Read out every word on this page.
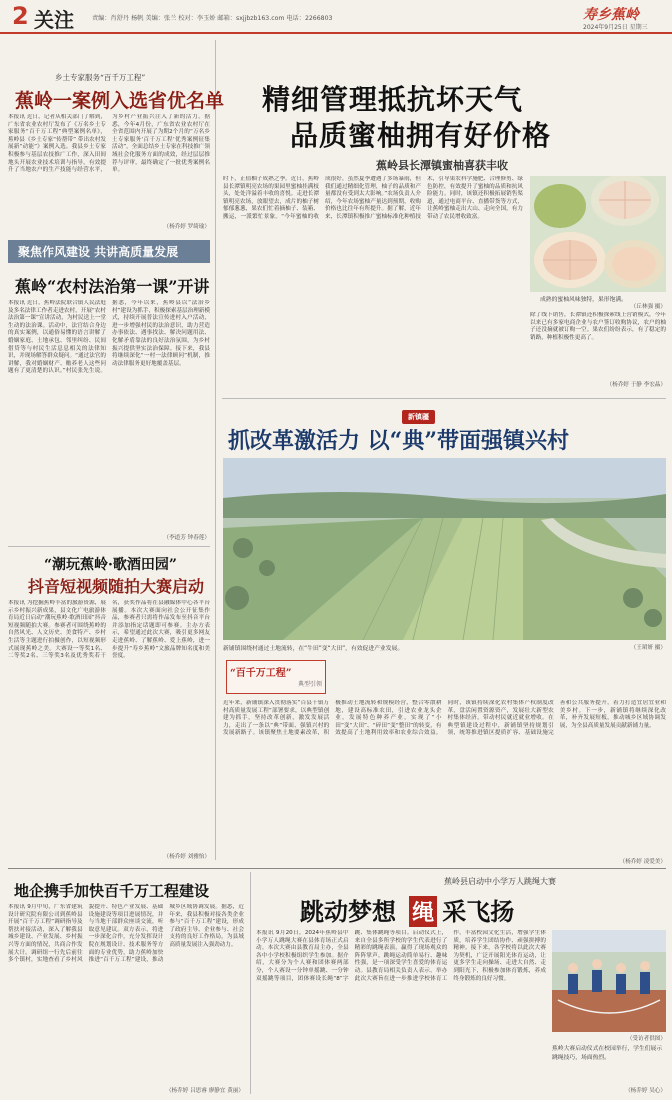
2 关注	责编：肖舒丹 杨帆 美编：张兰 校对：李玉娇 邮箱：sxjjbzb163.com 电话：2266803	寿乡蕉岭
2024年9月25日 星期三
乡土专家服务“百千万工程”
蕉岭一案例入选省优名单
本报讯 近日，记者从相关部门了解到，广东省农业农村厅发布了《万名乡土专家服务“百千万工程”典型案例名单》，蕉岭县《乡土专家“传帮带” 带出农村发展新“动能”》案例入选。我县乡土专家积极参与基层农技推广工作，深入田间地头开展农业技术培训与指导，有效提升了当地农户的生产技能与经营水平，为乡村产业振兴注入了新的活力。据悉，今年4月份，广东省农业农村厅在全省范围内开展了为期2个月的“万名乡土专家服务‘百千万工程’优秀案例征集活动”，全面总结乡土专家在科技推广领域社会化服务方面的成效，经过层层推荐与评审，最终确定了一批优秀案例名单。
（杨乔婷 罗绮瑜）
聚焦作风建设 共讲高质量发展
蕉岭“农村法治第一课”开讲
本报讯 近日，蕉岭法院联合镇人民法庭及多名法律工作者走进农村，开展“农村法治第一课”宣讲活动，为村民送上一堂生动的法治课。活动中，法官结合身边的真实案例，以通俗易懂的语言讲解了婚姻家庭、土地承包、邻里纠纷、民间借贷等与村民生活息息相关的法律知识，并现场解答群众疑问。“通过法官的讲解，我对婚姻财产、赡养老人这些问题有了更清楚的认识。”村民张先生说。据悉，今年以来，蕉岭县以“法治乡村”建设为抓手，积极探索基层治理新模式，持续开展普法宣传进村入户活动，进一步增强村民的法治意识，助力营造办事依法、遇事找法、解决问题用法、化解矛盾靠法的良好法治氛围，为乡村振兴提供坚实法治保障。接下来，我县将继续深化“一村一法律顾问”机制，推动法律服务更好地覆盖基层。
（李道芳 钟春莲）
“潮玩蕉岭·歌酒田园”
抖音短视频随拍大赛启动
本报讯 为挖掘蕉岭丰富的旅游资源，展示乡村振兴新成果，县文化广电旅游体育局近日启动“潮玩蕉岭·歌酒田园”抖音短视频随拍大赛。参赛者可围绕蕉岭的自然风光、人文历史、美食特产、乡村生活等主题进行拍摄创作，以短视频形式展现蕉岭之美。大赛设一等奖1名、二等奖2名、三等奖3名及优秀奖若干名，获奖作品将在县融媒体中心各平台展播。本次大赛面向社会公开征集作品，参赛者只需将作品发布至抖音平台并添加指定话题即可参赛。主办方表示，希望通过此次大赛，吸引更多网友走进蕉岭、了解蕉岭、爱上蕉岭，进一步提升“寿乡蕉岭”文旅品牌知名度和美誉度。
（杨乔婷 刘雅怡）
精细管理抵抗坏天气
品质蜜柚拥有好价格
蕉岭县长潭镇蜜柚喜获丰收
时下，正值柚子成熟之季。近日，蕉岭县长潭镇明亮农场的果园里蜜柚挂满枝头，处处洋溢着丰收的喜悦。走进长潭镇明亮农场，放眼望去，成片的柚子树郁郁葱葱，果农们忙着摘柚子、装箱、搬运，一派繁忙景象。“今年蜜柚的收成很好，虽然夏季遭遇了多场暴雨，但我们通过精细化管理，柚子的品质和产量都没有受到太大影响。”农场负责人介绍，今年农场蜜柚产量达到预期，收购价格也比往年有所提升。据了解，近年来，长潭镇积极推广蜜柚标准化种植技术，引导果农科学施肥、合理修剪、绿色防控，有效提升了蜜柚的品质和抗风险能力。同时，该镇还积极拓展销售渠道，通过电商平台、直播带货等方式，让蕉岭蜜柚走出大山、走向全国，有力带动了农民增收致富。
成熟的蜜柚风味独特，果形饱满。
（丘林强 摄）
除了线下销售，长潭镇还积极探索线上营销模式，今年以来已有多家电商企业与农户签订收购协议，农户的柚子还没摘就被订购一空。果农们纷纷表示，有了稳定的销路，种植积极性更高了。
（杨乔婷 于静 李宏晶）
新镇疆
抓改革激活力 以“典”带面强镇兴村
新铺镇围绕村通过土地流转，在“牛田”变“大田”，有效促进产业发展。	（王珺妍 摄）
“百千万工程”
典型引领
近年来，新铺镇深入贯彻落实“百县千镇万村高质量发展工程”部署要求，以典型镇创建为抓手，坚持改革创新，激发发展活力，走出了一条以“典”带面、强镇兴村的发展新路子。该镇聚焦土地要素改革，积极推动土地流转和规模经营，整合零散耕地，建设高标准农田，引进农业龙头企业，发展特色种养产业，实现了“小田”变“大田”、“碎田”变“整田”的转变，有效提高了土地利用效率和农业综合效益。同时，该镇持续深化农村集体产权制度改革，盘活闲置资源资产，发展壮大新型农村集体经济，带动村民就近就业增收。在典型镇建设过程中，新铺镇坚持规划引领，统筹推进镇区提质扩容、基础设施完善和公共服务提升，着力打造宜居宜业和美乡村。下一步，新铺镇将继续深化改革，补齐发展短板，推动城乡区域协调发展，为全县高质量发展贡献新铺力量。
（杨乔婷 凌爱美）
地企携手加快百千万工程建设
本报讯 9月中旬，广东省建筑设计研究院有限公司到蕉岭县开展“百千万工程”调研指导及帮扶对接活动，深入了解我县城乡建设、产业发展、乡村振兴等方面的情况，共商合作发展大计。调研组一行先后前往多个镇村，实地查看了乡村风貌提升、特色产业发展、基础设施建设等项目进展情况，并与当地干部群众座谈交流，听取意见建议。双方表示，将进一步深化合作，充分发挥设计院在规划设计、技术服务等方面的专业优势，助力蕉岭加快推进“百千万工程”建设，推动城乡区域协调发展。据悉，近年来，我县积极对接各类企业参与“百千万工程”建设，形成了政府主导、企业参与、社会支持的良好工作格局，为县域高质量发展注入强劲动力。
（杨乔婷 吕思睿 廖静宜 黄丽）
蕉岭县启动中小学万人跳绳大赛
跳动梦想 绳 采飞扬
本报讯 9月20日，2024年蕉岭县中小学万人跳绳大赛在县体育场正式启动。本次大赛由县教育局主办，全县各中小学校积极组织学生参加。据介绍，大赛分为个人赛和团体赛两部分，个人赛设一分钟单摇跳、一分钟双摇跳等项目，团体赛设长绳“8”字跳、集体跳绳等项目。启动仪式上，来自全县多所学校的学生代表进行了精彩的跳绳表演，赢得了现场观众的阵阵掌声。跳绳运动简单易行、趣味性强，是一项深受学生喜爱的体育运动。县教育局相关负责人表示，举办此次大赛旨在进一步推进学校体育工作，丰富校园文化生活，增强学生体质，培养学生团结协作、顽强拼搏的精神。接下来，各学校将以此次大赛为契机，广泛开展阳光体育运动，让更多学生走向操场、走进大自然、走到阳光下，积极参加体育锻炼，养成终身锻炼的良好习惯。
（受访者供图）
蕉岭大赛启动仪式在校园举行，学生们展示跳绳技巧，场面热烈。
（杨乔婷 吴心）
